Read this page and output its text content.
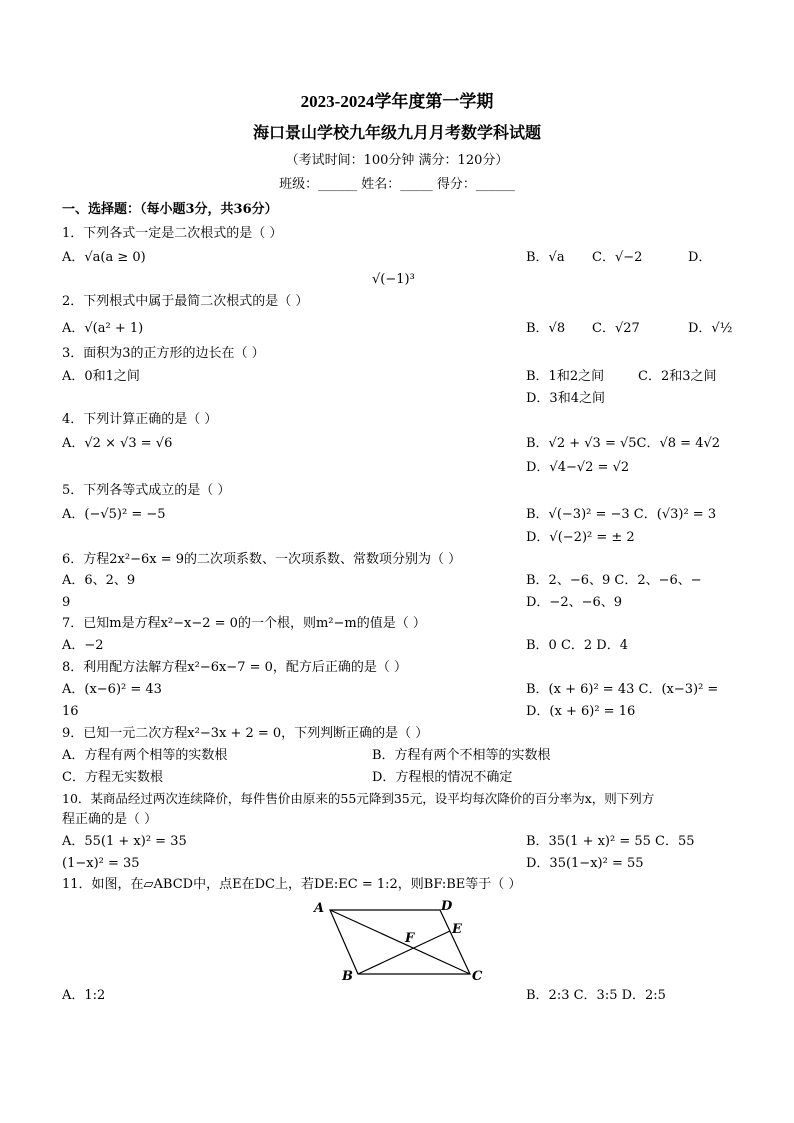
2023-2024学年度第一学期
海口景山学校九年级九月月考数学科试题
（考试时间：100分钟 满分：120分）
班级：______ 姓名：_____ 得分：______
一、选择题：（每小题3分，共36分）
1．下列各式一定是二次根式的是（ ）
A．√a(a ≥ 0)	B．√a C．√−2	D．
√(−1)³
2．下列根式中属于最简二次根式的是（ ）
A．√(a² + 1)	B．√8 C．√27	D．√½
3．面积为3的正方形的边长在（ ）
A．0和1之间	B．1和2之间	C．2和3之间
D．3和4之间
4．下列计算正确的是（ ）
A．√2 × √3 = √6	B．√2 + √3 = √5C．√8 = 4√2
D．√4−√2 = √2
5．下列各等式成立的是（ ）
A．(−√5)² = −5	B．√(−3)² = −3 C．(√3)² = 3
D．√(−2)² = ± 2
6．方程2x²−6x = 9的二次项系数、一次项系数、常数项分别为（ ）
A．6、2、9	B．2、−6、9 C．2、−6、−
9	D．−2、−6、9
7．已知m是方程x²−x−2 = 0的一个根，则m²−m的值是（ ）
A．−2	B．0 C．2 D．4
8．利用配方法解方程x²−6x−7 = 0，配方后正确的是（ ）
A．(x−6)² = 43	B．(x + 6)² = 43 C．(x−3)² =
16	D．(x + 6)² = 16
9．已知一元二次方程x²−3x + 2 = 0，下列判断正确的是（ ）
A．方程有两个相等的实数根	B．方程有两个不相等的实数根
C．方程无实数根	D．方程根的情况不确定
10．某商品经过两次连续降价，每件售价由原来的55元降到35元，设平均每次降价的百分率为x，则下列方
程正确的是（ ）
A．55(1 + x)² = 35	B．35(1 + x)² = 55 C．55
(1−x)² = 35	D．35(1−x)² = 55
11．如图，在▱ABCD中，点E在DC上，若DE:EC = 1:2，则BF:BE等于（ ）
A	D
E
F
B	C
A．1:2	B．2:3 C．3:5 D．2:5
